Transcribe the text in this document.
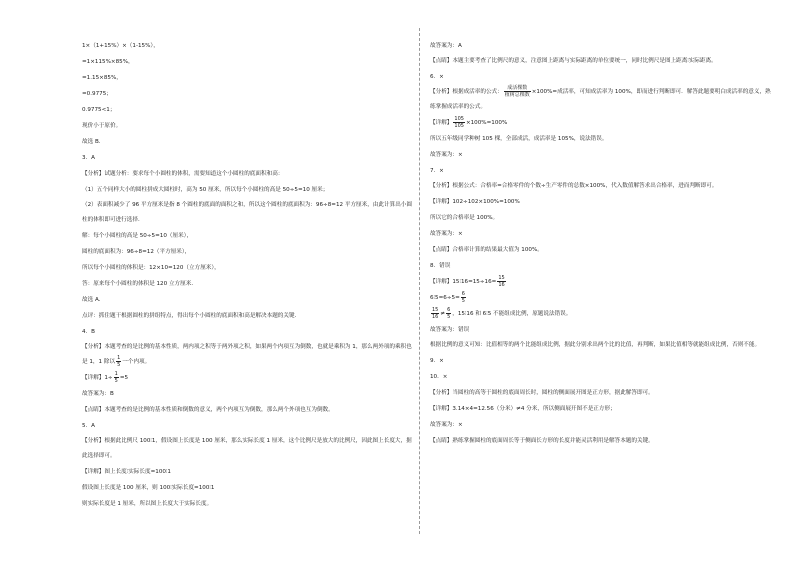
1×（1+15%）×（1-15%），
=1×115%×85%，
=1.15×85%，
=0.9775；
0.9775<1；
现价小于原价。
故选 B．
3．A
【分析】试题分析：要求每个小圆柱的体积，需要知道这个小圆柱的底面积和高：
（1）五个同样大小的圆柱拼成大圆柱时，高为 50 厘米，所以每个小圆柱的高是 50÷5=10 厘米；
（2）表面积减少了 96 平方厘米是指 8 个圆柱的底面的面积之和，所以这个圆柱的底面积为：96÷8=12 平方厘米，由此计算出小圆柱的体积即可进行选择．
解：每个小圆柱的高是 50÷5=10（厘米），
圆柱的底面积为：96÷8=12（平方厘米），
所以每个小圆柱的体积是：12×10=120（立方厘米），
答：原来每个小圆柱的体积是 120 立方厘米．
故选 A．
点评：抓住题干根据圆柱的拼组特点，得出每个小圆柱的底面积和高是解决本题的关键．
4．B
【分析】本题考查的是比例的基本性质，两内项之积等于两外项之积，如果两个内项互为倒数，也就是乘积为 1，那么两外项的乘积也是 1，1 除以 $\frac{1}{5}$ 一个内项。
【详解】$1\div \frac{1}{5} =5$
故答案为：B
【点睛】本题考查的是比例的基本性质和倒数的意义，两个内项互为倒数，那么两个外项也互为倒数。
5．A
【分析】根据此比例尺 100∶1，假设图上长度是 100 厘米，那么实际长度 1 厘米，这个比例尺是放大的比例尺，因此图上长度大，据此选择即可。
【详解】图上长度∶实际长度=100∶1
假设图上长度是 100 厘米，则 100∶实际长度=100∶1
则实际长度是 1 厘米，所以图上长度大于实际长度。
故答案为：A
【点睛】本题主要考查了比例尺的意义，注意图上距离与实际距离的单位要统一，同时比例尺是图上距离∶实际距离。
6．×
【分析】根据成活率的公式： $\frac{\text{成活棵数}}{\text{植树总棵数}} \times 100\%=$成活率，可知成活率为 100%，即而进行判断即可．解答此题要明白成活率的意义，熟练掌握成活率的公式。
【详解】 $\frac{105}{105} \times 100\%=100\%$
所以五年级同学种树 105 棵，全部成活，成活率是 105%，说法错误。
故答案为：×
7．×
【分析】根据公式：合格率=合格零件的个数÷生产零件的总数×100%，代入数值解答求出合格率，进而判断即可。
【详解】102÷102×100%=100%
所以它的合格率是 100%。
故答案为：×
【点睛】合格率计算的结果最大值为 100%。
8．错误
【详解】15∶16=15÷16= $\frac{15}{16}$
6∶5=6÷5= $\frac{6}{5}$
$\frac{15}{16} \ne \frac{6}{5}$ ，15∶16 和 6∶5 不能组成比例，原题说法错误。
故答案为：错误
根据比例的意义可知：比值相等的两个比能组成比例，据此分别求出两个比的比值，再判断，如果比值相等就能组成比例，否则不能。
9．×
10．×
【分析】当圆柱的高等于圆柱的底面周长时，圆柱的侧面展开图是正方形，据此解答即可。
【详解】3.14×4=12.56（分米）≠4 分米，所以侧面展开图不是正方形；
故答案为：×
【点睛】熟练掌握圆柱的底面周长等于侧面长方形的长度并能灵活利用是解答本题的关键。
